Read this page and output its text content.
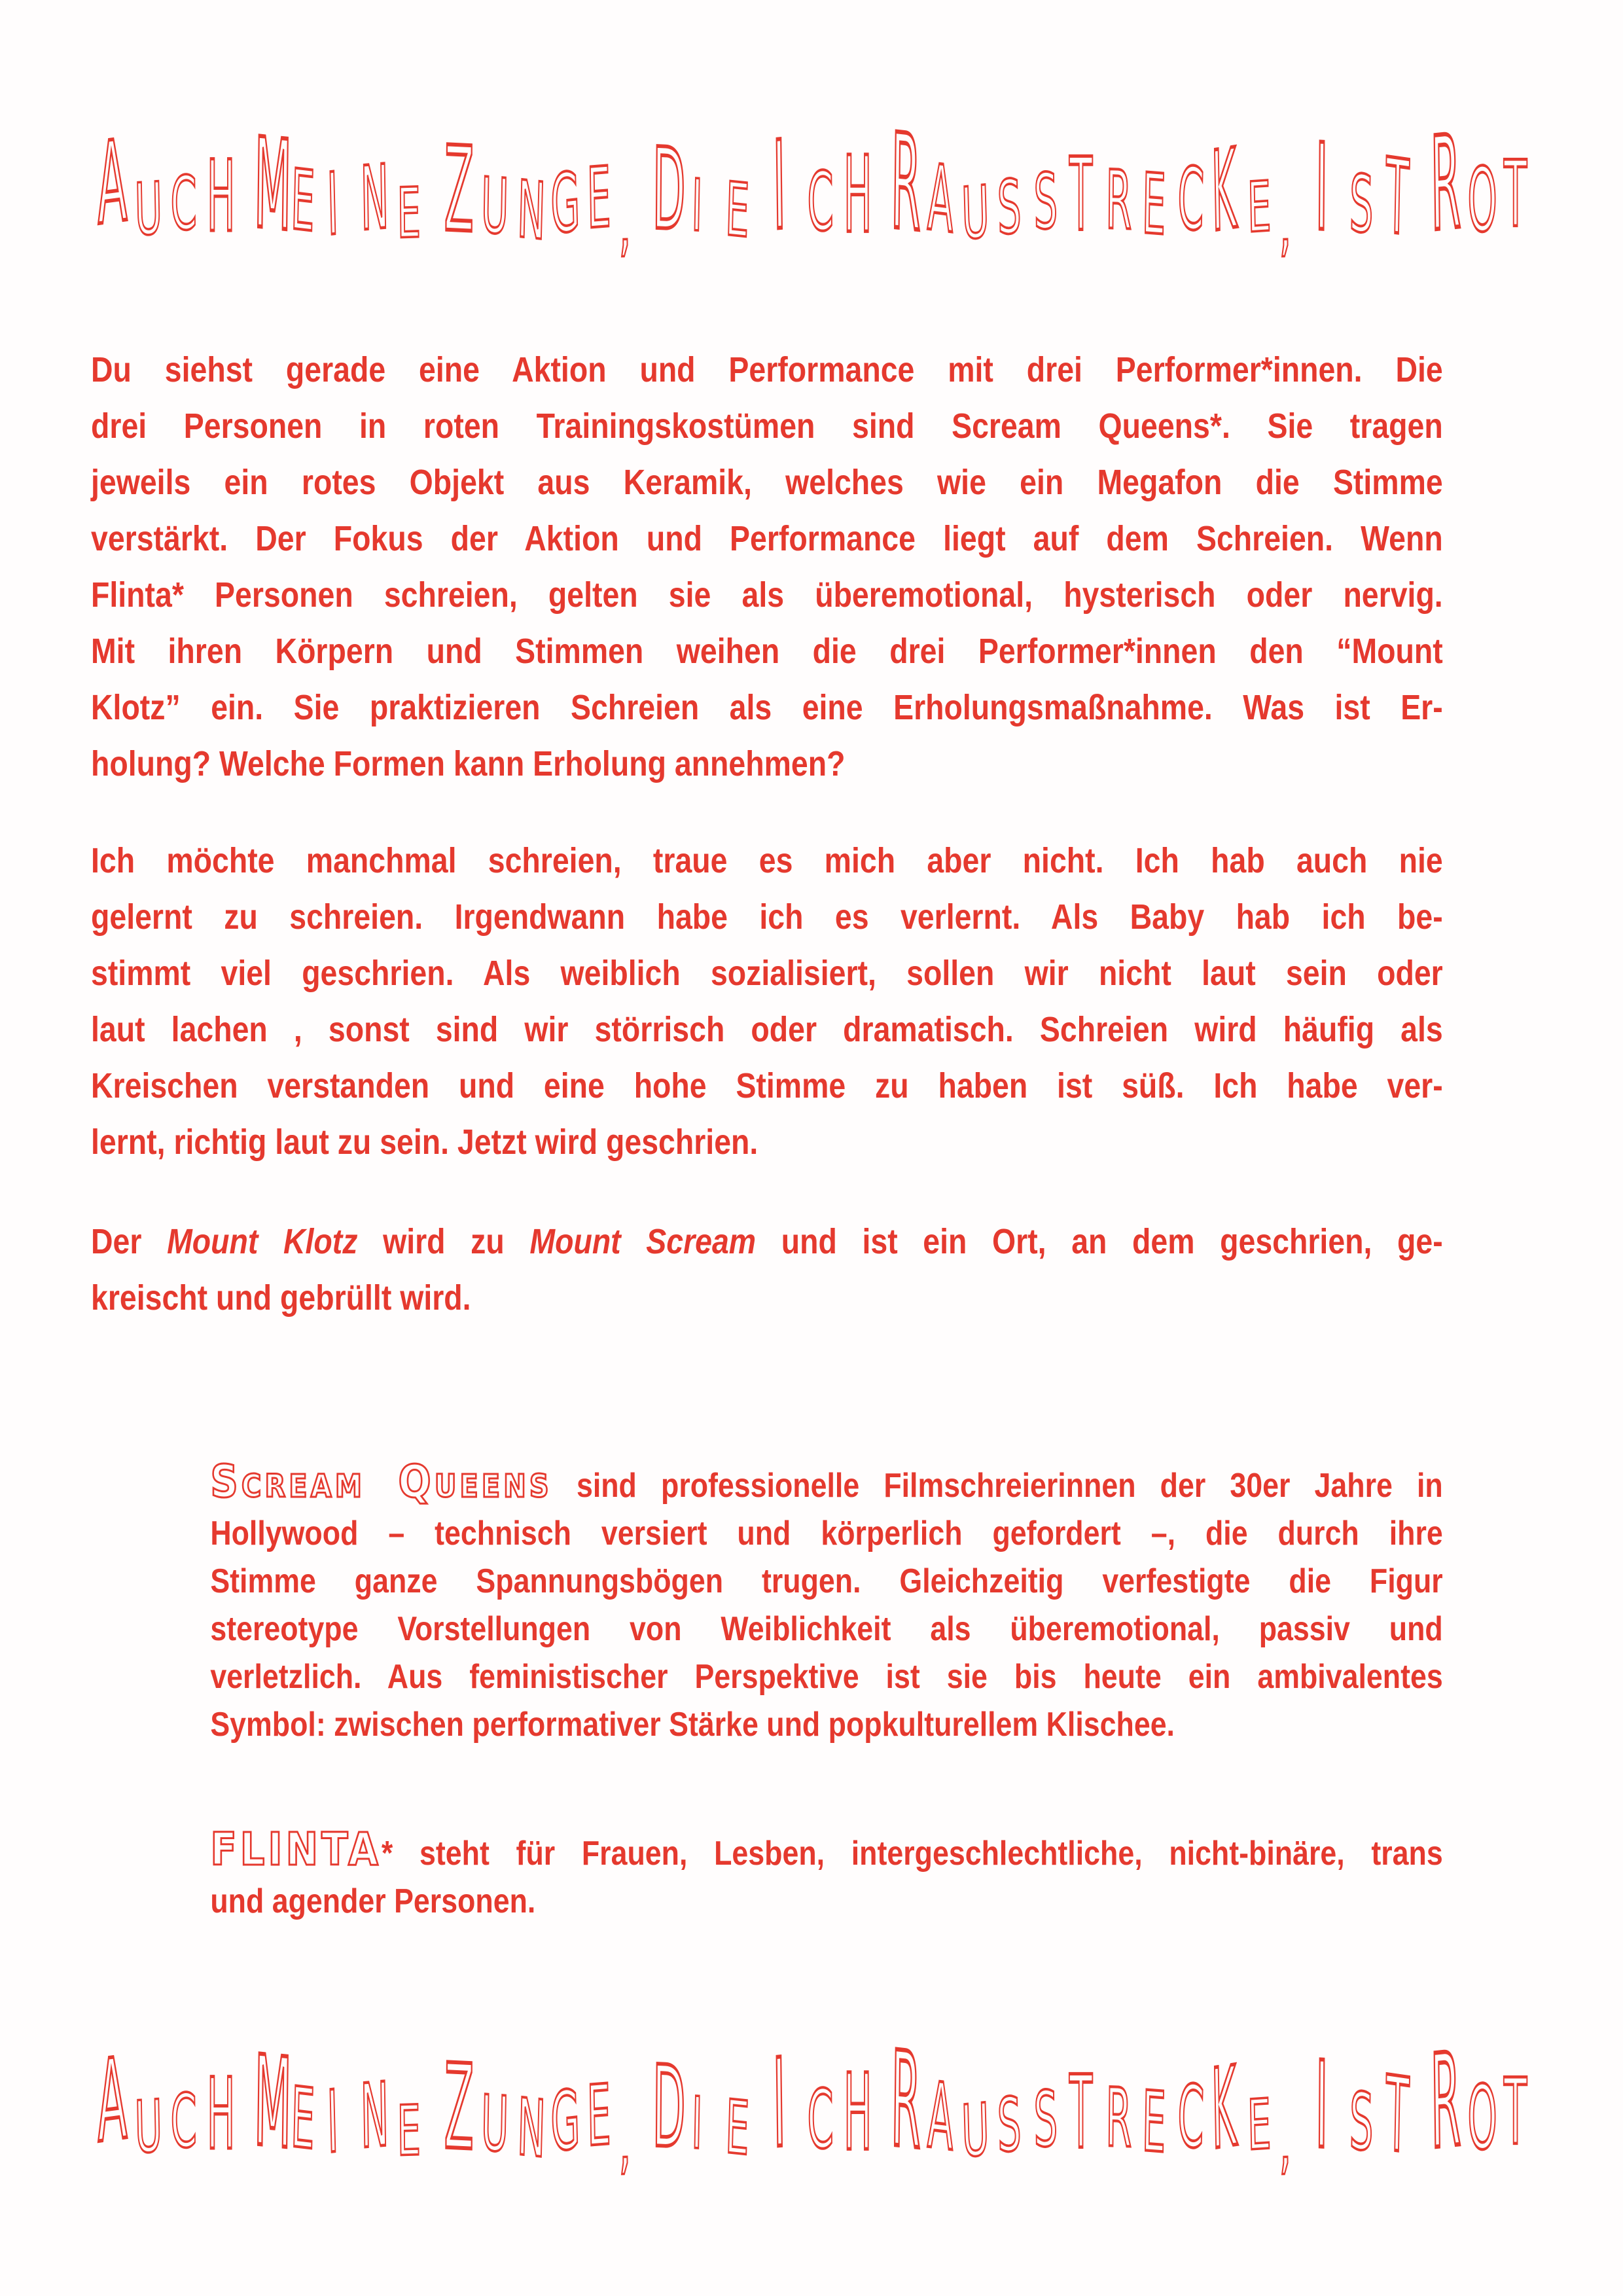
A U C H M
E I N E Z U N G E , D I E I C H R A U S S T R E C K E , I S T R O T
Du siehst gerade eine Aktion und Performance mit drei Performer*innen. Die
drei Personen in roten Trainingskostümen sind Scream Queens*. Sie tragen
jeweils ein rotes Objekt aus Keramik, welches wie ein Megafon die Stimme
verstärkt. Der Fokus der Aktion und Performance liegt auf dem Schreien. Wenn
Flinta* Personen schreien, gelten sie als überemotional, hysterisch oder nervig.
Mit ihren Körpern und Stimmen weihen die drei Performer*innen den “Mount
Klotz” ein. Sie praktizieren Schreien als eine Erholungsmaßnahme. Was ist Er-
holung? Welche Formen kann Erholung annehmen?
Ich möchte manchmal schreien, traue es mich aber nicht. Ich hab auch nie
gelernt zu schreien. Irgendwann habe ich es verlernt. Als Baby hab ich be-
stimmt viel geschrien. Als weiblich sozialisiert, sollen wir nicht laut sein oder
laut lachen , sonst sind wir störrisch oder dramatisch. Schreien wird häufig als
Kreischen verstanden und eine hohe Stimme zu haben ist süß. Ich habe ver-
lernt, richtig laut zu sein. Jetzt wird geschrien.
Der Mount Klotz wird zu Mount Scream und ist ein Ort, an dem geschrien, ge-
kreischt und gebrüllt wird.
Scream Queens sind professionelle Filmschreierinnen der 30er Jahre in
Hollywood – technisch versiert und körperlich gefordert –, die durch ihre
Stimme ganze Spannungsbögen trugen. Gleichzeitig verfestigte die Figur
stereotype Vorstellungen von Weiblichkeit als überemotional, passiv und
verletzlich. Aus feministischer Perspektive ist sie bis heute ein ambivalentes
Symbol: zwischen performativer Stärke und popkulturellem Klischee.
FLINTA* steht für Frauen, Lesben, intergeschlechtliche, nicht-binäre, trans
und agender Personen.
A U C H M
E I N E Z U N G E , D I E I C H R A U S S T R E C K E , I S T R O T
